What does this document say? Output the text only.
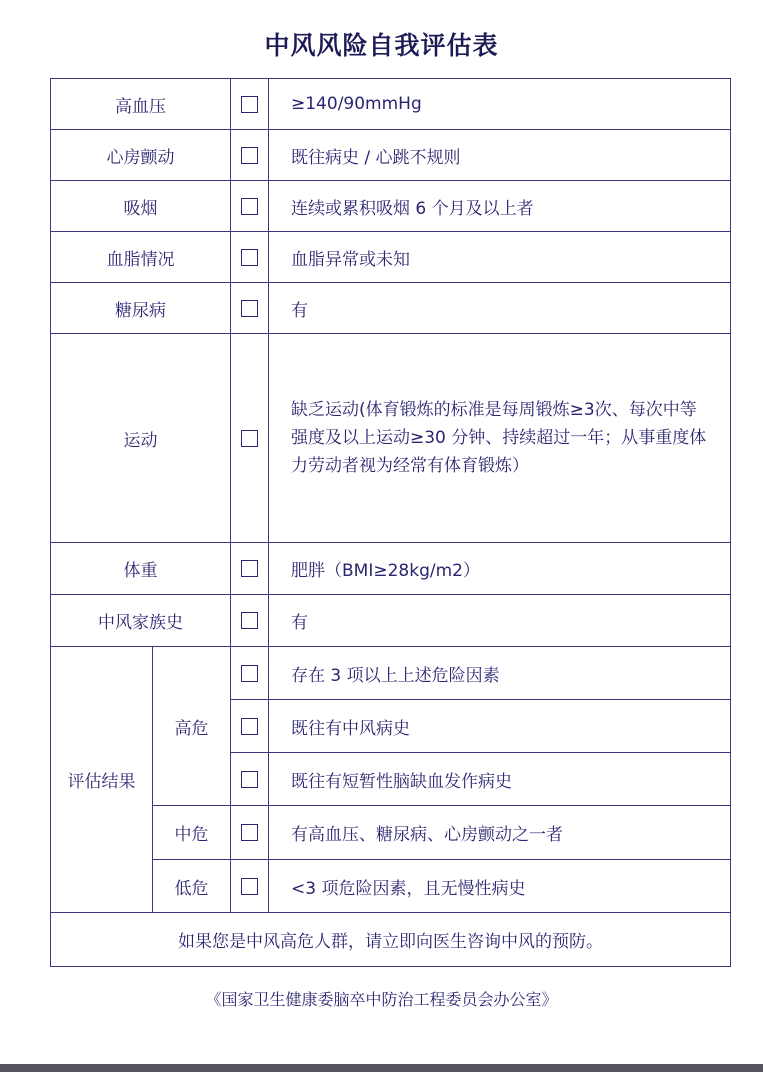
中风风险自我评估表
高血压			≥140/90mmHg
心房颤动			既往病史 / 心跳不规则
吸烟			连续或累积吸烟 6 个月及以上者
血脂情况			血脂异常或未知
糖尿病			有
运动			缺乏运动(体育锻炼的标准是每周锻炼≥3次、每次中等强度及以上运动≥30 分钟、持续超过一年；从事重度体力劳动者视为经常有体育锻炼）
体重			肥胖（BMI≥28kg/m2）
中风家族史			有
评估结果	高危		存在 3 项以上上述危险因素
			既往有中风病史
			既往有短暂性脑缺血发作病史
	中危		有高血压、糖尿病、心房颤动之一者
	低危		<3 项危险因素，且无慢性病史
如果您是中风高危人群，请立即向医生咨询中风的预防。			
《国家卫生健康委脑卒中防治工程委员会办公室》
